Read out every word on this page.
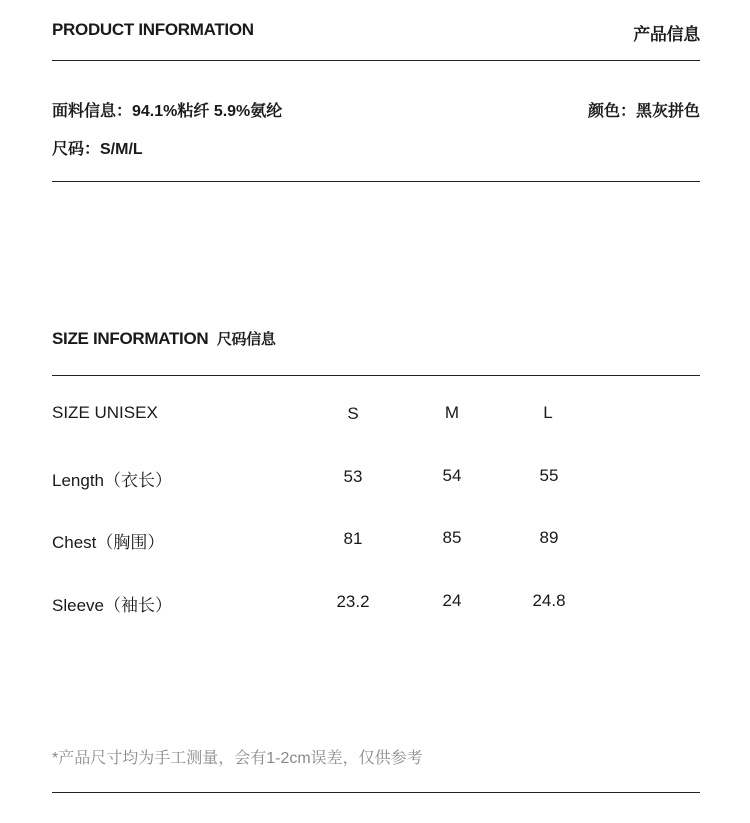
PRODUCT INFORMATION	产品信息
面料信息：94.1%粘纤 5.9%氨纶	颜色：黑灰拼色
尺码：S/M/L
SIZE INFORMATION 尺码信息
SIZE UNISEX	S	M	L
Length（衣长）	53	54	55
Chest（胸围）	81	85	89
Sleeve（袖长）	23.2	24	24.8
*产品尺寸均为手工测量，会有1-2cm误差，仅供参考
